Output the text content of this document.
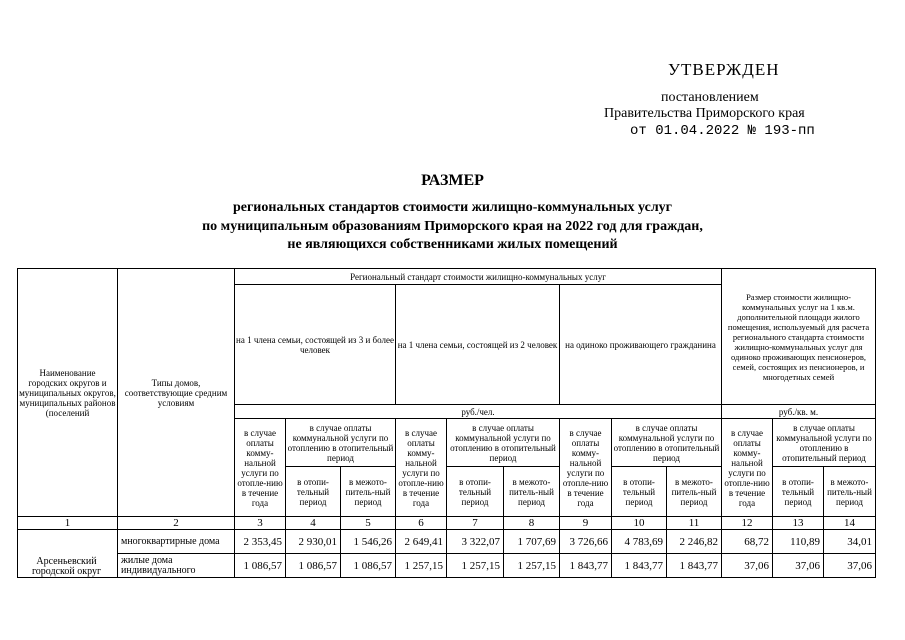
УТВЕРЖДЕН
постановлением
Правительства Приморского края
от 01.04.2022 № 193-пп
РАЗМЕР
региональных стандартов стоимости жилищно-коммунальных услуг
по муниципальным образованиям Приморского края на 2022 год для граждан,
не являющихся собственниками жилых помещений
Наименование городских округов и муниципальных округов, муниципальных районов (поселений	Типы домов, соответствующие средним условиям	Региональный стандарт стоимости жилищно-коммунальных услуг									Размер стоимости жилищно-коммунальных услуг на 1 кв.м. дополнительной площади жилого помещения, используемый для расчета регионального стандарта стоимости жилищно-коммунальных услуг для одиноко проживающих пенсионеров, семей, состоящих из пенсионеров, и многодетных семей		
		на 1 члена семьи, состоящей из 3 и более человек			на 1 члена семьи, состоящей из 2 человек			на одиноко проживающего гражданина					
		руб./чел.									руб./кв. м.		
		в случае оплаты комму-нальной услуги по отопле-нию в течение года	в случае оплаты коммунальной услуги по отоплению в отопительный период		в случае оплаты комму-нальной услуги по отопле-нию в течение года	в случае оплаты коммунальной услуги по отоплению в отопительный период		в случае оплаты комму-нальной услуги по отопле-нию в течение года	в случае оплаты коммунальной услуги по отоплению в отопительный период		в случае оплаты комму-нальной услуги по отопле-нию в течение года	в случае оплаты коммунальной услуги по отоплению в отопительный период	
			в отопи-тельный период	в межото-питель-ный период		в отопи-тельный период	в межото-питель-ный период		в отопи-тельный период	в межото-питель-ный период		в отопи-тельный период	в межото-питель-ный период
1	2	3	4	5	6	7	8	9	10	11	12	13	14
Арсеньевский городской округ	многоквартирные дома	2 353,45	2 930,01	1 546,26	2 649,41	3 322,07	1 707,69	3 726,66	4 783,69	2 246,82	68,72	110,89	34,01
	жилые дома индивидуального	1 086,57	1 086,57	1 086,57	1 257,15	1 257,15	1 257,15	1 843,77	1 843,77	1 843,77	37,06	37,06	37,06
